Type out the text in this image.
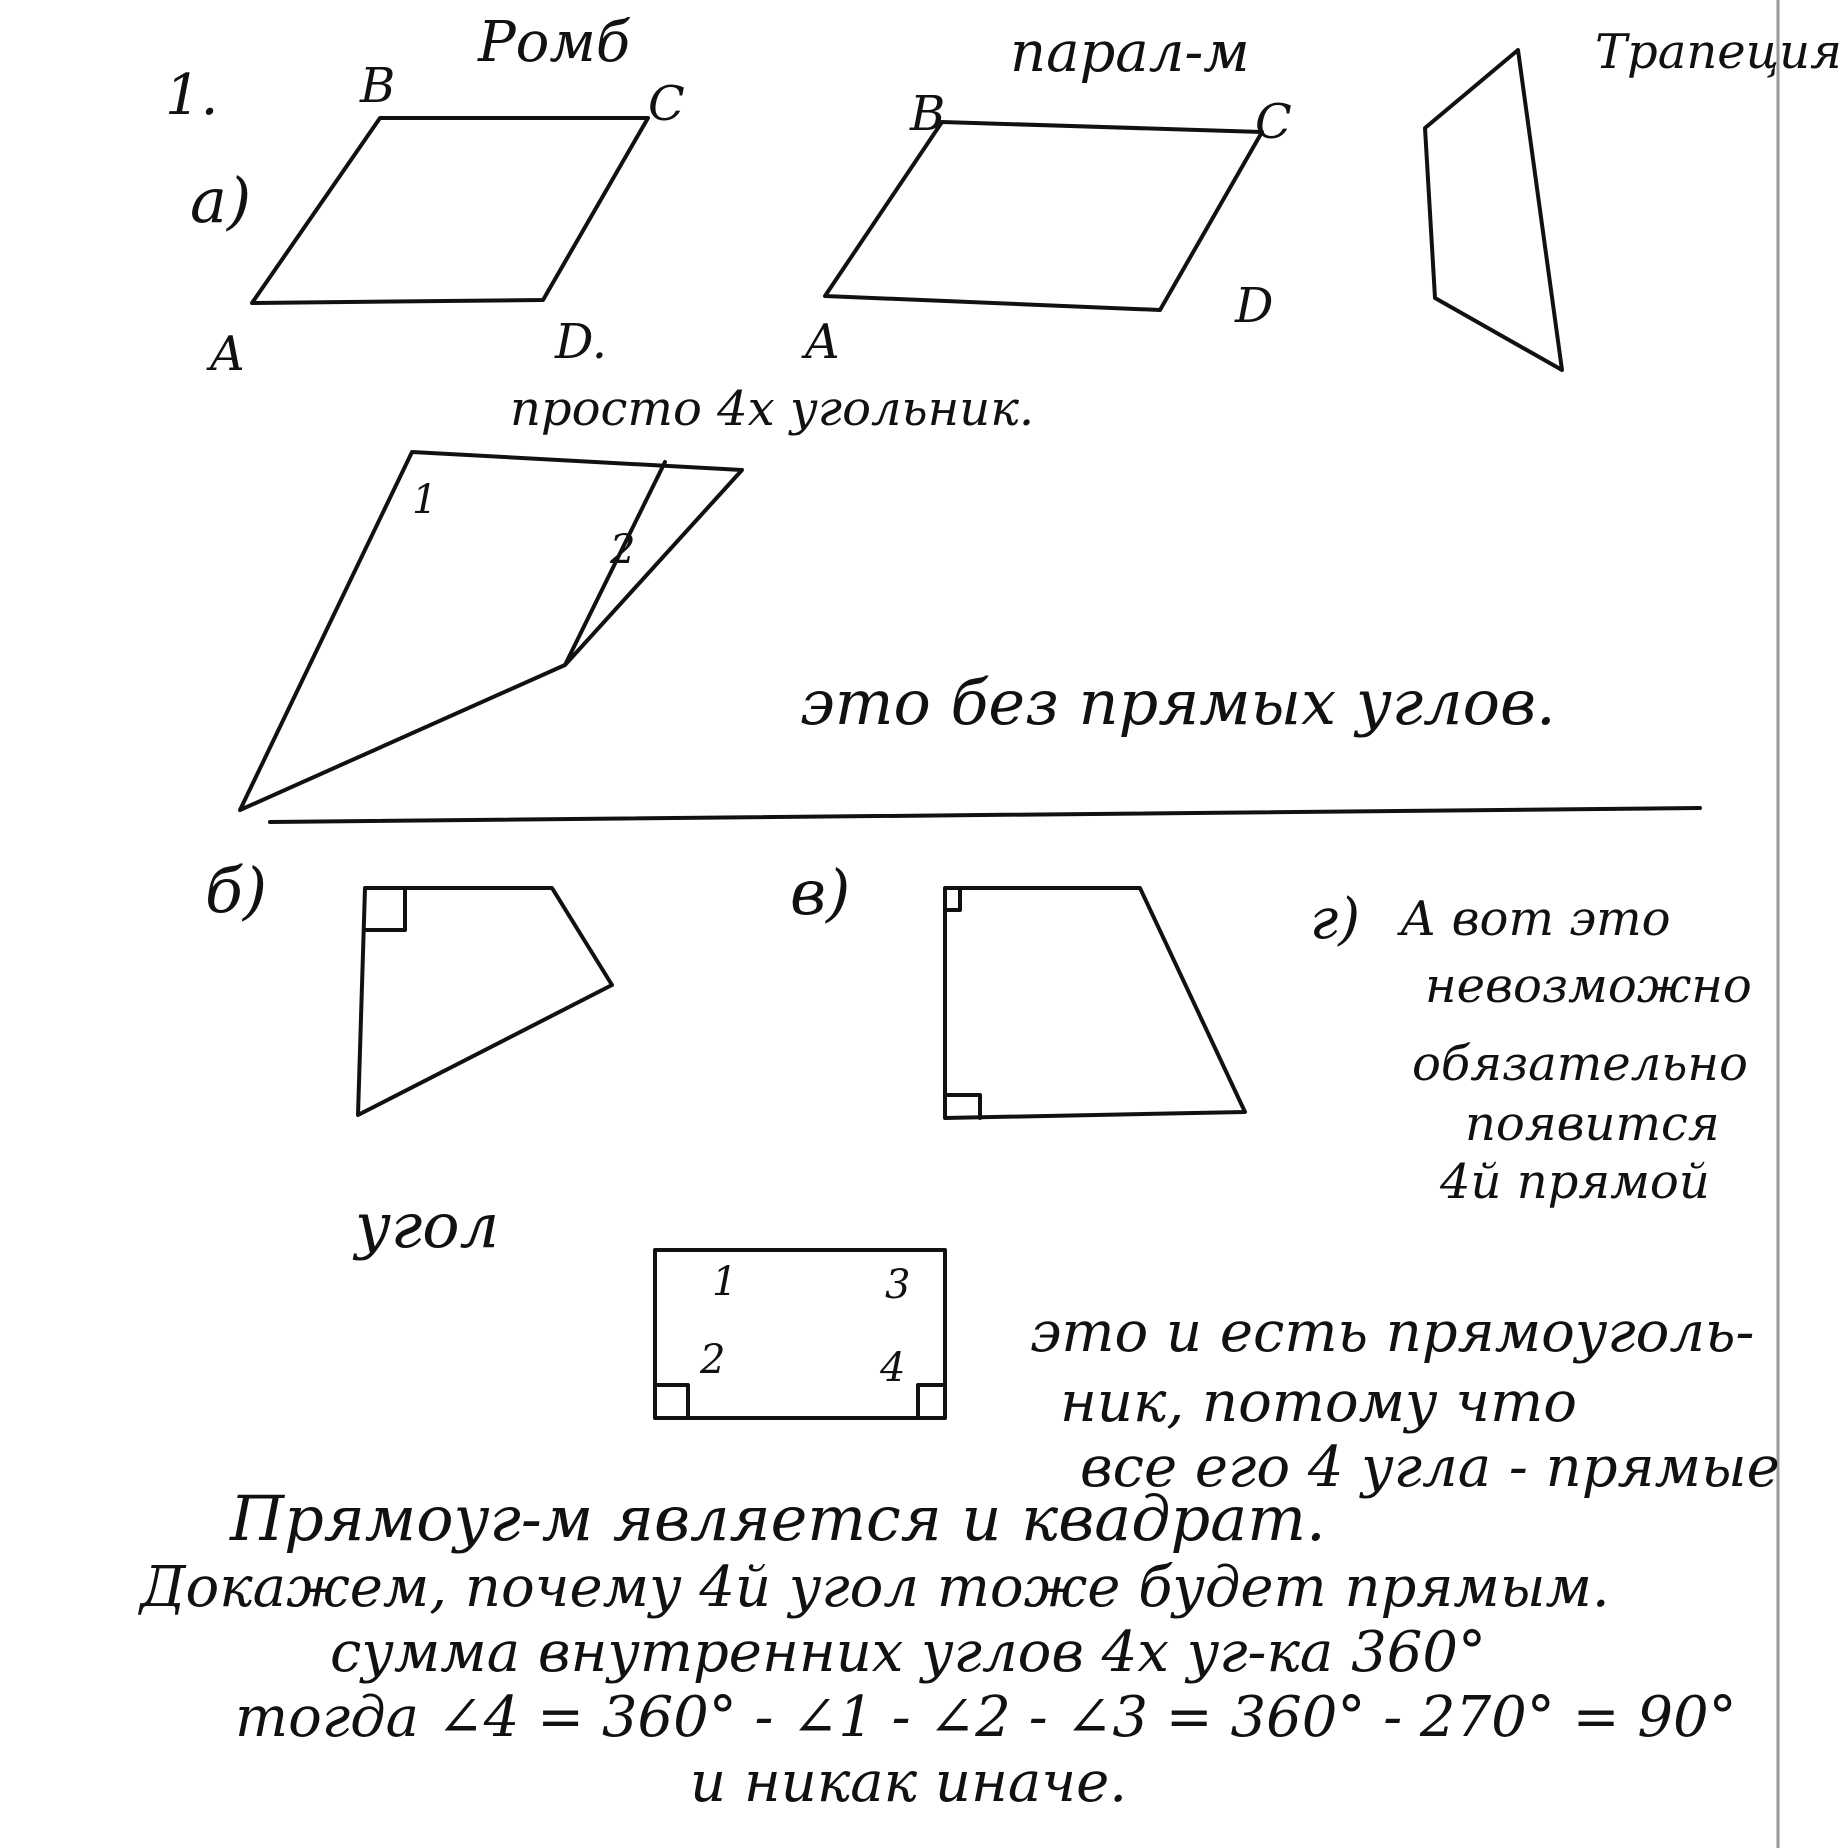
1.
а)
Ромб
B	C
A	D.
парал-м
B	C
A
D
Трапеция
просто 4х угольник.
1
2
это без прямых углов.
б)	в)	г) А вот это
невозможно
обязательно
появится
4й прямой
угол
1	3
2	4
это и есть прямоуголь-
ник, потому что
все его 4 угла - прямые
Прямоуг-м является и квадрат.
Докажем, почему 4й угол тоже будет прямым.
сумма внутренних углов 4х уг-ка 360°
тогда ∠4 = 360° - ∠1 - ∠2 - ∠3 = 360° - 270° = 90°
и никак иначе.
